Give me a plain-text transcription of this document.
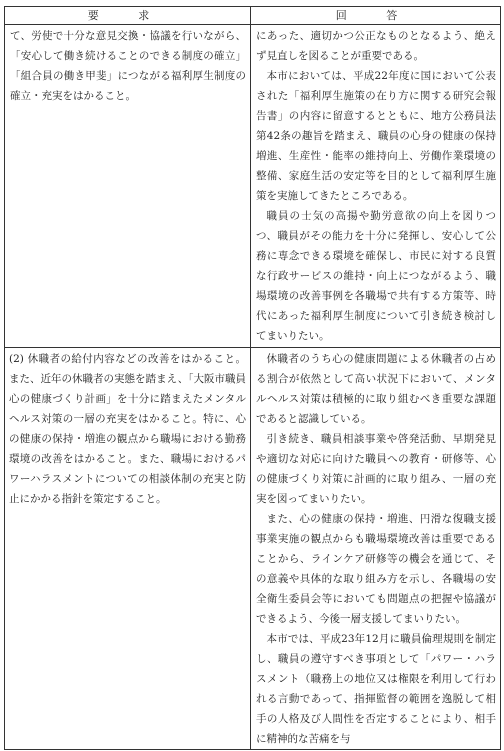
要 求	回 答

て、労使で十分な意見交換・協議を行いながら、「安心して働き続けることのできる制度の確立」「組合員の働き甲斐」につながる福利厚生制度の確立・充実をはかること。	にあった、適切かつ公正なものとなるよう、絶えず見直しを図ることが重要である。

本市においては、平成22年度に国において公表された「福利厚生施策の在り方に関する研究会報告書」の内容に留意するとともに、地方公務員法第42条の趣旨を踏まえ、職員の心身の健康の保持増進、生産性・能率の維持向上、労働作業環境の整備、家庭生活の安定等を目的として福利厚生施策を実施してきたところである。

職員の士気の高揚や勤労意欲の向上を図りつつ、職員がその能力を十分に発揮し、安心して公務に専念できる環境を確保し、市民に対する良質な行政サービスの維持・向上につながるよう、職場環境の改善事例を各職場で共有する方策等、時代にあった福利厚生制度について引き続き検討してまいりたい。

(2) 休職者の給付内容などの改善をはかること。また、近年の休職者の実態を踏まえ、「大阪市職員心の健康づくり計画」を十分に踏まえたメンタルヘルス対策の一層の充実をはかること。特に、心の健康の保持・増進の観点から職場における勤務環境の改善をはかること。また、職場におけるパワーハラスメントについての相談体制の充実と防止にかかる指針を策定すること。	休職者のうち心の健康問題による休職者の占める割合が依然として高い状況下において、メンタルヘルス対策は積極的に取り組むべき重要な課題であると認識している。

引き続き、職員相談事業や啓発活動、早期発見や適切な対応に向けた職員への教育・研修等、心の健康づくり対策に計画的に取り組み、一層の充実を図ってまいりたい。

また、心の健康の保持・増進、円滑な復職支援事業実施の観点からも職場環境改善は重要であることから、ラインケア研修等の機会を通じて、その意義や具体的な取り組み方を示し、各職場の安全衛生委員会等においても問題点の把握や協議ができるよう、今後一層支援してまいりたい。

本市では、平成23年12月に職員倫理規則を制定し、職員の遵守すべき事項として「パワー・ハラスメント（職務上の地位又は権限を利用して行われる言動であって、指揮監督の範囲を逸脱して相手の人格及び人間性を否定することにより、相手に精神的な苦痛を与
